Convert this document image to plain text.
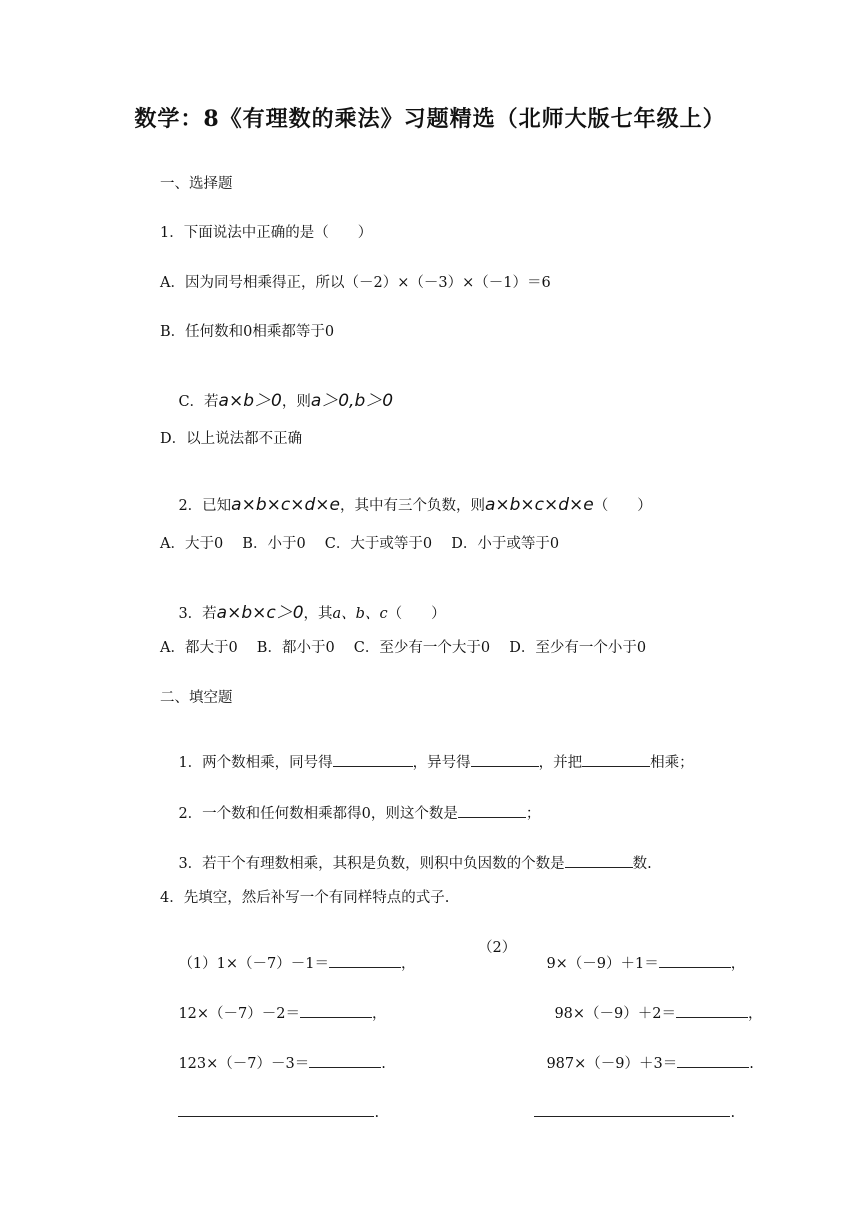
数学：8《有理数的乘法》习题精选（北师大版七年级上）
一、选择题
1．下面说法中正确的是（　　）
A．因为同号相乘得正，所以（－2）×（－3）×（－1）＝6
B．任何数和0相乘都等于0

C．若a×b＞0，则a＞0,b＞0

D．以上说法都不正确

2．已知a×b×c×d×e，其中有三个负数，则a×b×c×d×e（　　）

A．大于0　 B．小于0　 C．大于或等于0　 D．小于或等于0

3．若a×b×c＞0，其a、b、c（　　）

A．都大于0　 B．都小于0　 C．至少有一个大于0　 D．至少有一个小于0
二、填空题

1．两个数相乘，同号得	，异号得	，并把	相乘；

2．一个数和任何数相乘都得0，则这个数是	；

3．若干个有理数相乘，其积是负数，则积中负因数的个数是	数.

4．先填空，然后补写一个有同样特点的式子.

（1）1×（－7）－1＝	，

12×（－7）－2＝	，

123×（－7）－3＝	.

.

（2）

9×（－9）＋1＝	，

98×（－9）＋2＝	，

987×（－9）＋3＝	.

.
